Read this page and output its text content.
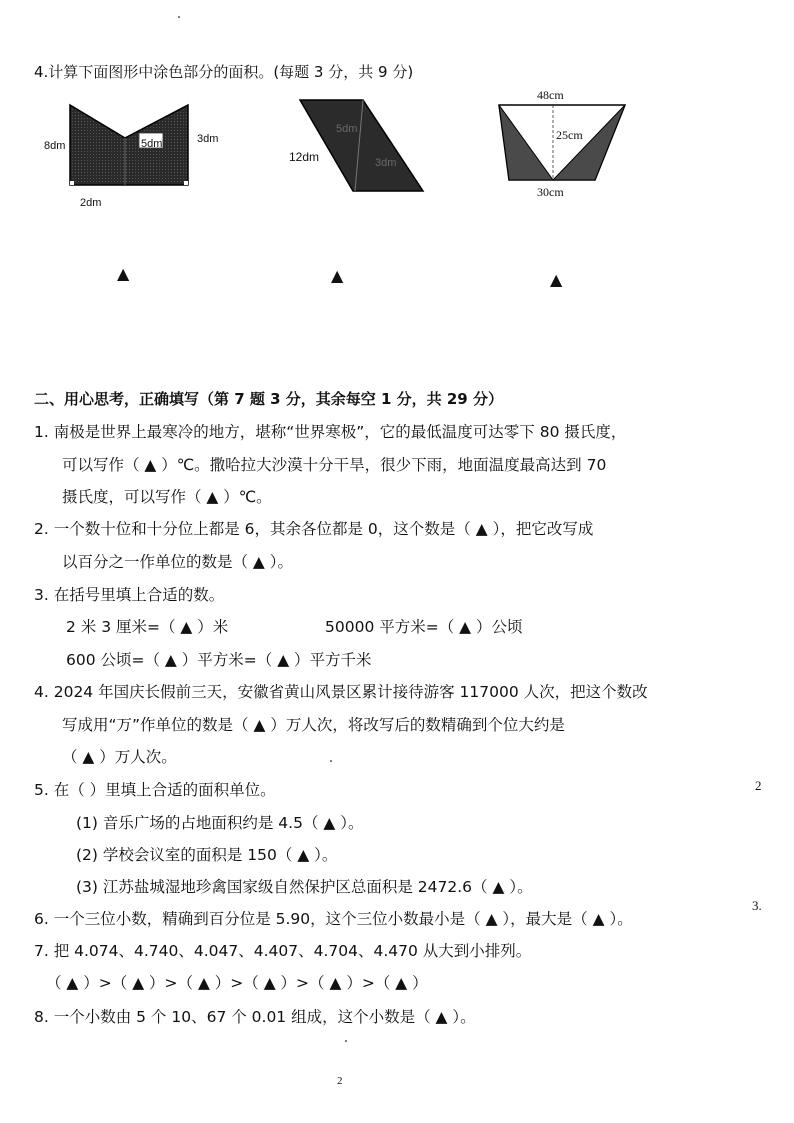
4.计算下面图形中涂色部分的面积。(每题 3 分，共 9 分)
8dm	5dm	3dm
2dm
12dm
5dm
3dm
48cm
25cm
30cm
▲	▲	▲
二、用心思考，正确填写（第 7 题 3 分，其余每空 1 分，共 29 分）
1. 南极是世界上最寒冷的地方，堪称“世界寒极”，它的最低温度可达零下 80 摄氏度，
可以写作（ ▲ ）℃。撒哈拉大沙漠十分干旱，很少下雨，地面温度最高达到 70
摄氏度，可以写作（ ▲ ）℃。
2. 一个数十位和十分位上都是 6，其余各位都是 0，这个数是（ ▲ ），把它改写成
以百分之一作单位的数是（ ▲ ）。
3. 在括号里填上合适的数。
2 米 3 厘米=（ ▲ ）米	50000 平方米=（ ▲ ）公顷
600 公顷=（ ▲ ）平方米=（ ▲ ）平方千米
4. 2024 年国庆长假前三天，安徽省黄山风景区累计接待游客 117000 人次，把这个数改
写成用“万”作单位的数是（ ▲ ）万人次，将改写后的数精确到个位大约是
（ ▲ ）万人次。
5. 在（ ）里填上合适的面积单位。
(1) 音乐广场的占地面积约是 4.5（ ▲ ）。
(2) 学校会议室的面积是 150（ ▲ ）。
(3) 江苏盐城湿地珍禽国家级自然保护区总面积是 2472.6（ ▲ ）。
6. 一个三位小数，精确到百分位是 5.90，这个三位小数最小是（ ▲ ），最大是（ ▲ ）。
7. 把 4.074、4.740、4.047、4.407、4.704、4.470 从大到小排列。
（ ▲ ）>（ ▲ ）>（ ▲ ）>（ ▲ ）>（ ▲ ）>（ ▲ ）
8. 一个小数由 5 个 10、67 个 0.01 组成，这个小数是（ ▲ ）。
2
3.
2
